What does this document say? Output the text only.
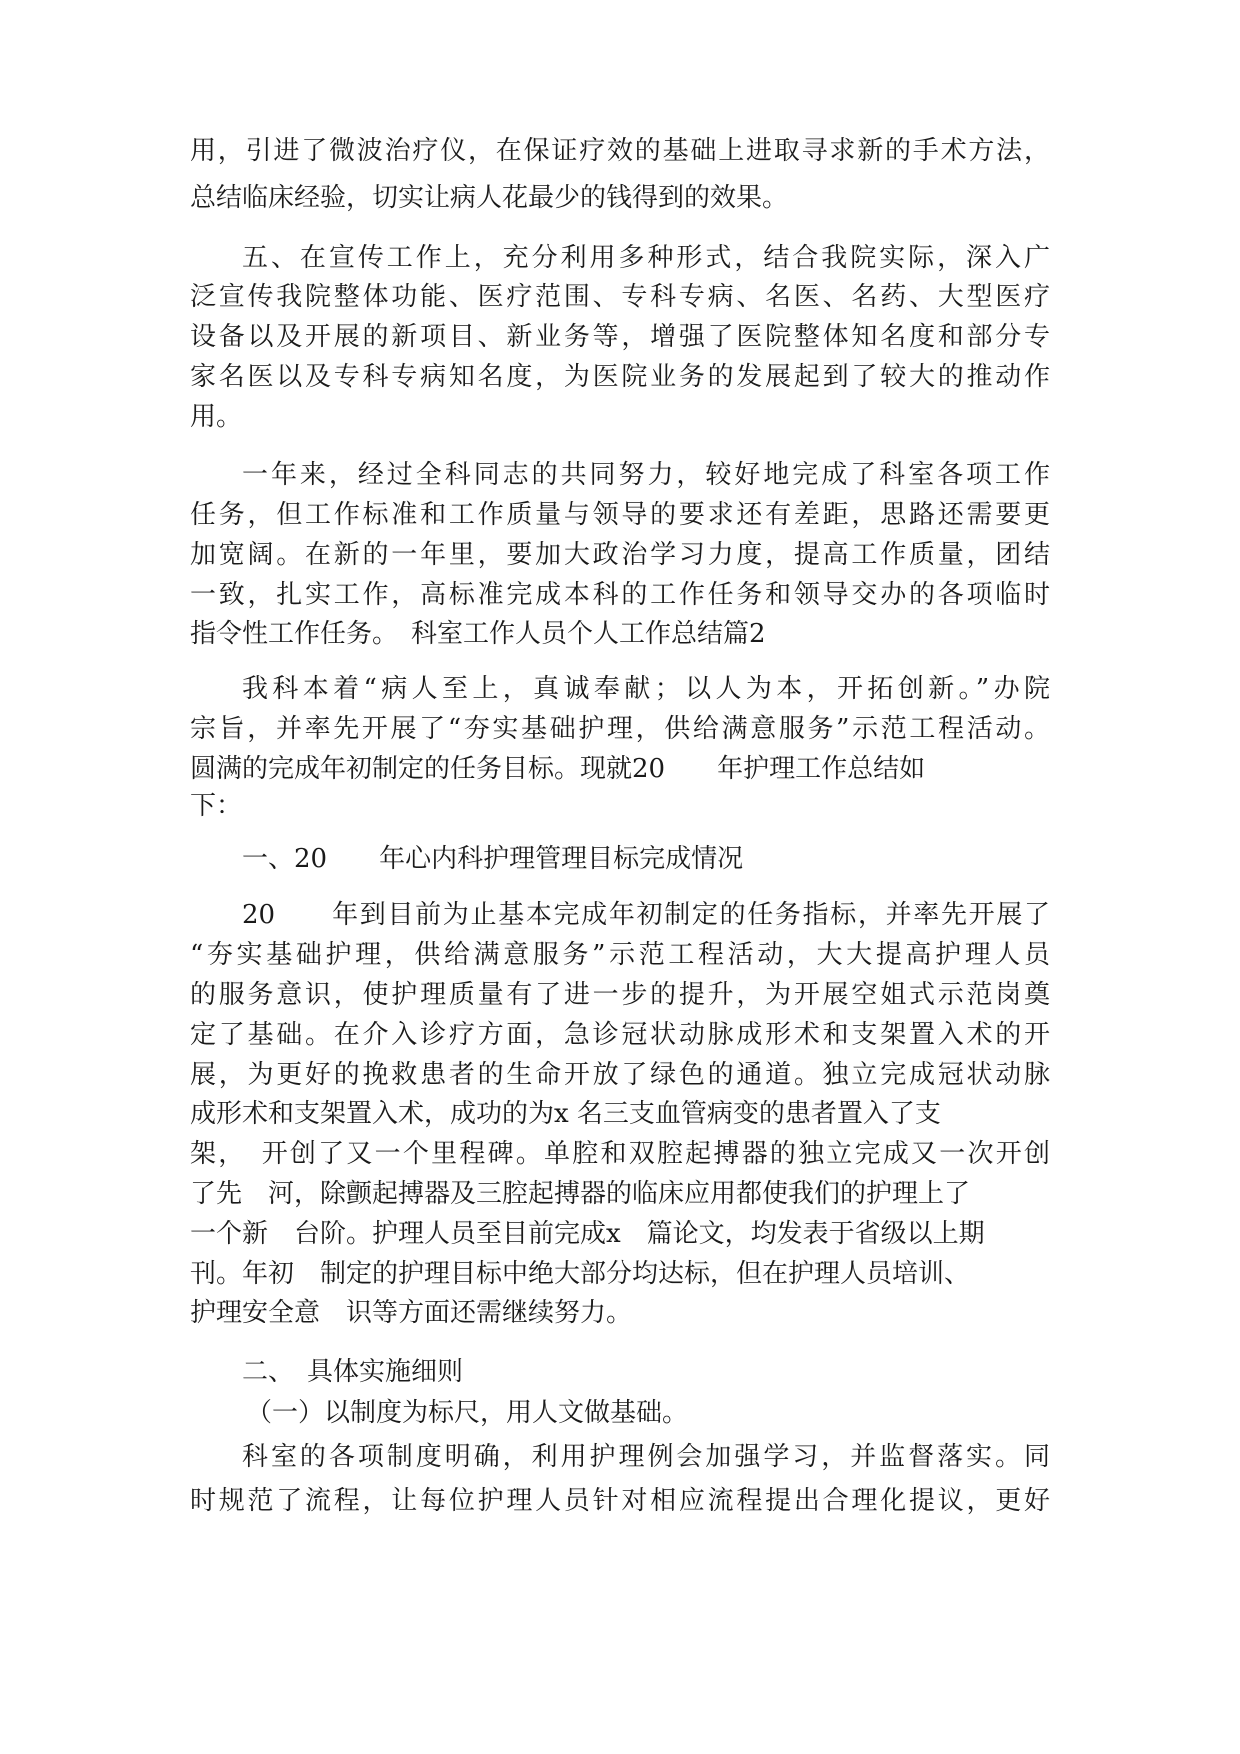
用，引进了微波治疗仪，在保证疗效的基础上进取寻求新的手术方法，

总结临床经验，切实让病人花最少的钱得到的效果。

五、在宣传工作上，充分利用多种形式，结合我院实际，深入广

泛宣传我院整体功能、医疗范围、专科专病、名医、名药、大型医疗

设备以及开展的新项目、新业务等，增强了医院整体知名度和部分专

家名医以及专科专病知名度，为医院业务的发展起到了较大的推动作

用。

一年来，经过全科同志的共同努力，较好地完成了科室各项工作

任务，但工作标准和工作质量与领导的要求还有差距，思路还需要更

加宽阔。在新的一年里，要加大政治学习力度，提高工作质量，团结

一致，扎实工作，高标准完成本科的工作任务和领导交办的各项临时

指令性工作任务。　科室工作人员个人工作总结篇2

我科本着“病人至上，真诚奉献；以人为本，开拓创新。”办院

宗旨，并率先开展了“夯实基础护理，供给满意服务”示范工程活动。

圆满的完成年初制定的任务目标。现就20　　年护理工作总结如

下：

一、20　　年心内科护理管理目标完成情况

20　　年到目前为止基本完成年初制定的任务指标，并率先开展了

“夯实基础护理，供给满意服务”示范工程活动，大大提高护理人员

的服务意识，使护理质量有了进一步的提升，为开展空姐式示范岗奠

定了基础。在介入诊疗方面，急诊冠状动脉成形术和支架置入术的开

展，为更好的挽救患者的生命开放了绿色的通道。独立完成冠状动脉

成形术和支架置入术，成功的为x 名三支血管病变的患者置入了支

架，　开创了又一个里程碑。单腔和双腔起搏器的独立完成又一次开创

了先　河，除颤起搏器及三腔起搏器的临床应用都使我们的护理上了

一个新　台阶。护理人员至目前完成x　篇论文，均发表于省级以上期

刊。年初　制定的护理目标中绝大部分均达标，但在护理人员培训、

护理安全意　识等方面还需继续努力。

二、　具体实施细则

（一）以制度为标尺，用人文做基础。

科室的各项制度明确，利用护理例会加强学习，并监督落实。同

时规范了流程，让每位护理人员针对相应流程提出合理化提议，更好
